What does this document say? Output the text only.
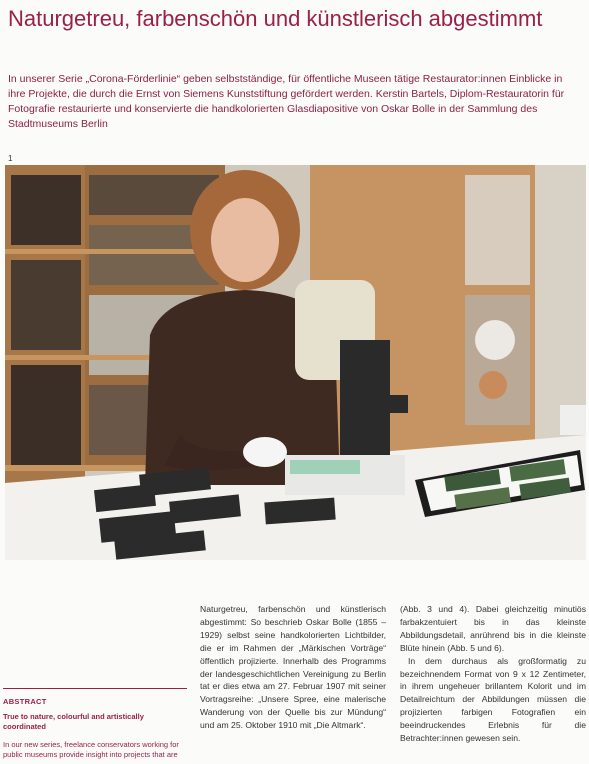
Naturgetreu, farbenschön und künstlerisch abgestimmt

In unserer Serie „Corona-Förderlinie“ geben selbstständige, für öffentliche Museen tätige Restaurator:innen Einblicke in ihre Projekte, die durch die Ernst von Siemens Kunststiftung gefördert werden. Kerstin Bartels, Diplom-Restauratorin für Fotografie restaurierte und konservierte die handkolorierten Glasdiapositive von Oskar Bolle in der Sammlung des Stadtmuseums Berlin

1
ABSTRACT
True to nature, colourful and artistically coordinated
In our new series, freelance conservators working for public museums provide insight into projects that are

Naturgetreu, farbenschön und künstlerisch abgestimmt: So beschrieb Oskar Bolle (1855 – 1929) selbst seine handkolorierten Lichtbilder, die er im Rahmen der „Märkischen Vorträge“ öffentlich projizierte. Innerhalb des Programms der landesgeschichtlichen Vereinigung zu Berlin tat er dies etwa am 27. Februar 1907 mit seiner Vortragsreihe: „Unsere Spree, eine malerische Wanderung von der Quelle bis zur Mündung“ und am 25. Oktober 1910 mit „Die Altmark“.

(Abb. 3 und 4). Dabei gleichzeitig minutiös farbakzentuiert bis in das kleinste Abbildungsdetail, anrührend bis in die kleinste Blüte hinein (Abb. 5 und 6).

In dem durchaus als großformatig zu bezeichnendem Format von 9 x 12 Zentimeter, in ihrem ungeheuer brillantem Kolorit und im Detailreichtum der Abbildungen müssen die projizierten farbigen Fotografien ein beeindruckendes Erlebnis für die Betrachter:innen gewesen sein.
